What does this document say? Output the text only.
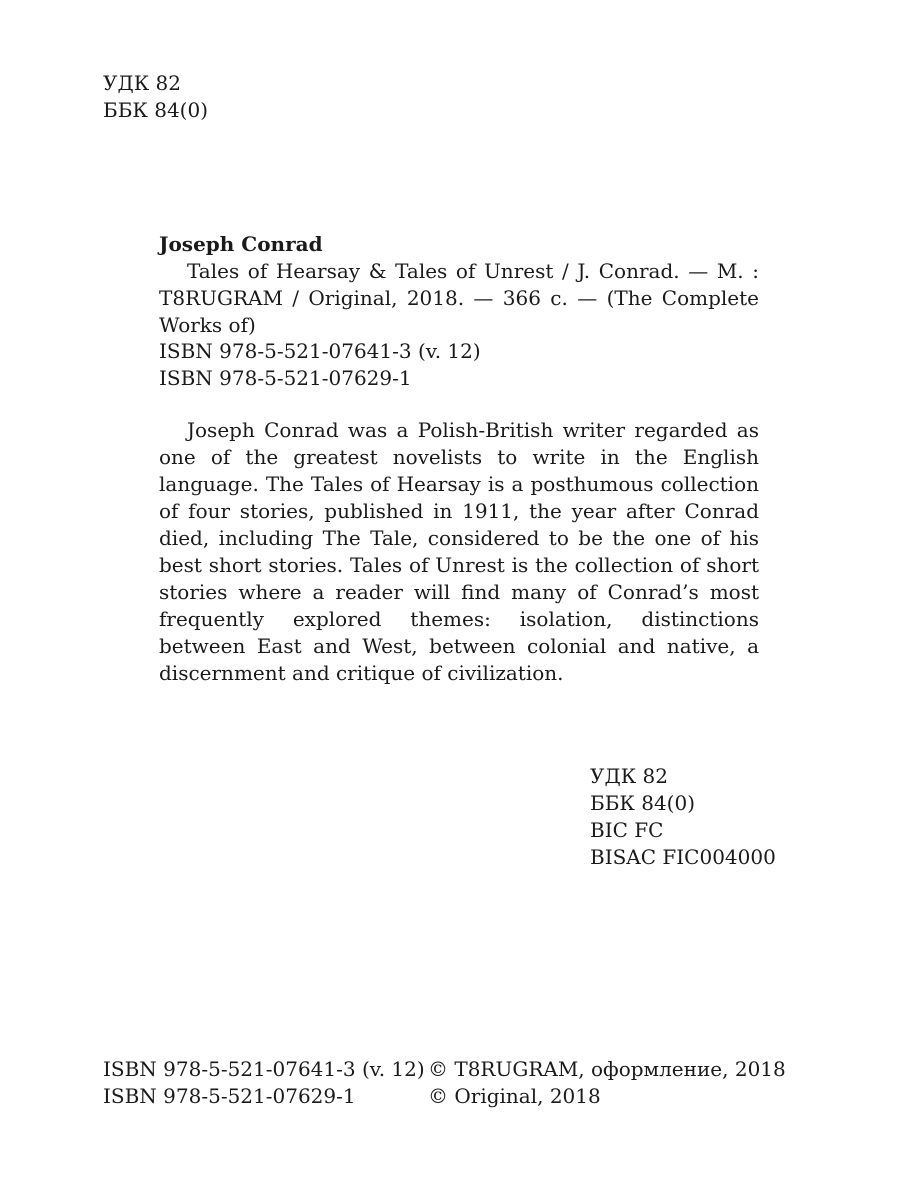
УДК 82
ББК 84(0)
Joseph Conrad
Tales of Hearsay & Tales of Unrest / J. Conrad. — M. : T8RUGRAM / Original, 2018. — 366 c. — (The Complete Works of)
ISBN 978-5-521-07641-3 (v. 12)
ISBN 978-5-521-07629-1
Joseph Conrad was a Polish-British writer regarded as one of the greatest novelists to write in the English language. The Tales of Hearsay is a posthumous collection of four stories, published in 1911, the year after Conrad died, including The Tale, considered to be the one of his best short stories. Tales of Unrest is the collection of short stories where a reader will find many of Conrad’s most frequently explored themes: isolation, distinctions between East and West, between colonial and native, a discernment and critique of civilization.
УДК 82
ББК 84(0)
BIC FC
BISAC FIC004000
ISBN 978-5-521-07641-3 (v. 12)
ISBN 978-5-521-07629-1
© T8RUGRAM, оформление, 2018
© Original, 2018
